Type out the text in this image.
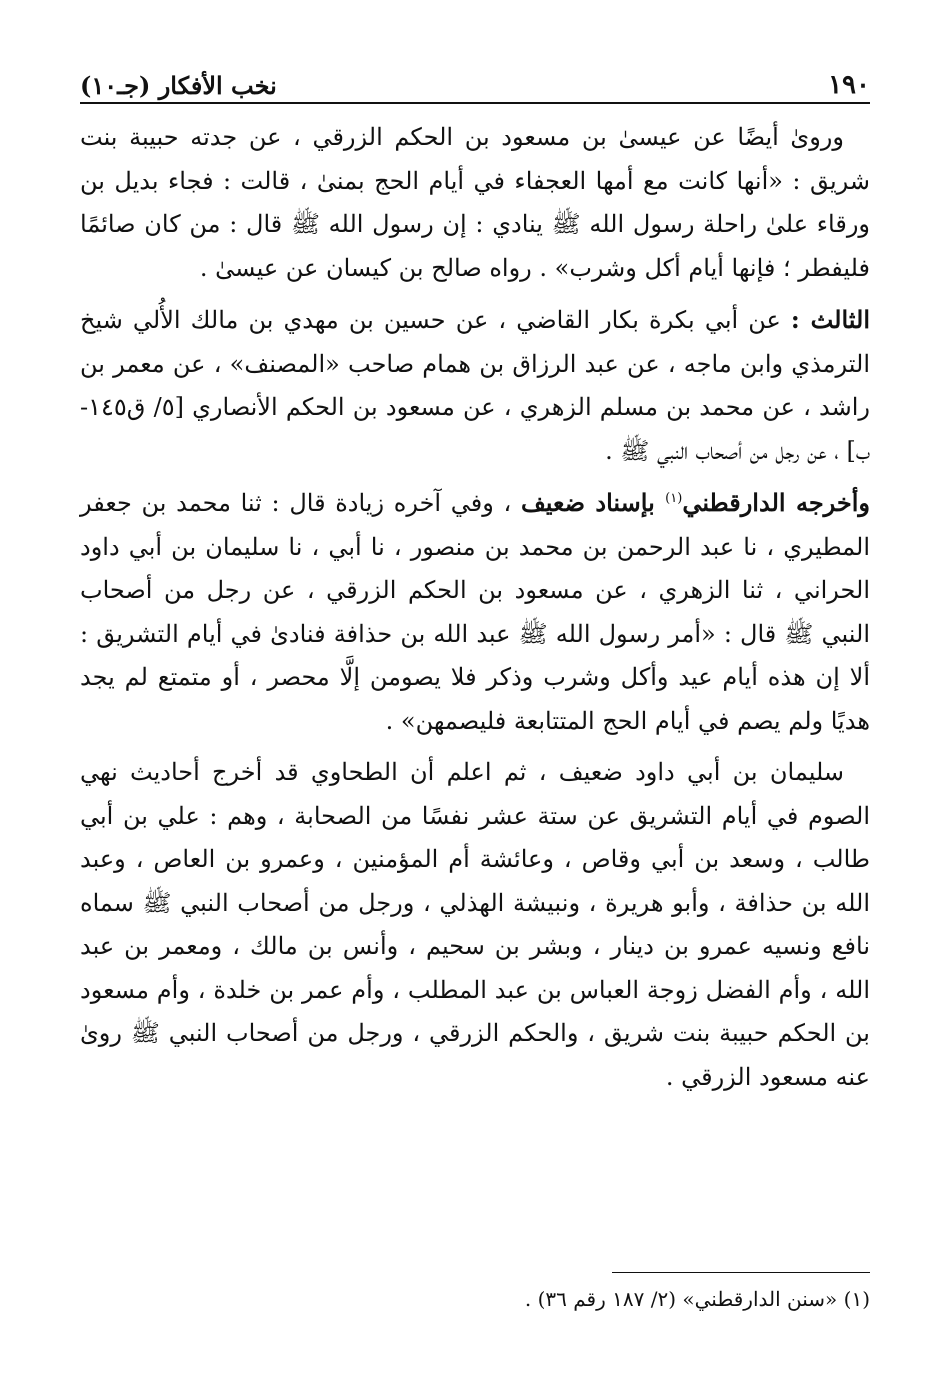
١٩٠
نخب الأفكار (جـ١٠)

وروىٰ أيضًا عن عيسىٰ بن مسعود بن الحكم الزرقي ، عن جدته حبيبة بنت شريق : «أنها كانت مع أمها العجفاء في أيام الحج بمنىٰ ، قالت : فجاء بديل بن ورقاء علىٰ راحلة رسول الله ﷺ ينادي : إن رسول الله ﷺ قال : من كان صائمًا فليفطر ؛ فإنها أيام أكل وشرب» . رواه صالح بن كيسان عن عيسىٰ .

الثالث : عن أبي بكرة بكار القاضي ، عن حسين بن مهدي بن مالك الأُلي شيخ الترمذي وابن ماجه ، عن عبد الرزاق بن همام صاحب «المصنف» ، عن معمر بن راشد ، عن محمد بن مسلم الزهري ، عن مسعود بن الحكم الأنصاري [٥/ ق١٤٥-ب] ، عن رجل من أصحاب النبي ﷺ .

وأخرجه الدارقطني$^{(١)}$ بإسناد ضعيف ، وفي آخره زيادة قال : ثنا محمد بن جعفر المطيري ، نا عبد الرحمن بن محمد بن منصور ، نا أبي ، نا سليمان بن أبي داود الحراني ، ثنا الزهري ، عن مسعود بن الحكم الزرقي ، عن رجل من أصحاب النبي ﷺ قال : «أمر رسول الله ﷺ عبد الله بن حذافة فنادىٰ في أيام التشريق : ألا إن هذه أيام عيد وأكل وشرب وذكر فلا يصومن إلَّا محصر ، أو متمتع لم يجد هديًا ولم يصم في أيام الحج المتتابعة فليصمهن» .

سليمان بن أبي داود ضعيف ، ثم اعلم أن الطحاوي قد أخرج أحاديث نهي الصوم في أيام التشريق عن ستة عشر نفسًا من الصحابة ، وهم : علي بن أبي طالب ، وسعد بن أبي وقاص ، وعائشة أم المؤمنين ، وعمرو بن العاص ، وعبد الله بن حذافة ، وأبو هريرة ، ونبيشة الهذلي ، ورجل من أصحاب النبي ﷺ سماه نافع ونسيه عمرو بن دينار ، وبشر بن سحيم ، وأنس بن مالك ، ومعمر بن عبد الله ، وأم الفضل زوجة العباس بن عبد المطلب ، وأم عمر بن خلدة ، وأم مسعود بن الحكم حبيبة بنت شريق ، والحكم الزرقي ، ورجل من أصحاب النبي ﷺ روىٰ عنه مسعود الزرقي .

(١) «سنن الدارقطني» (٢/ ١٨٧ رقم ٣٦) .
